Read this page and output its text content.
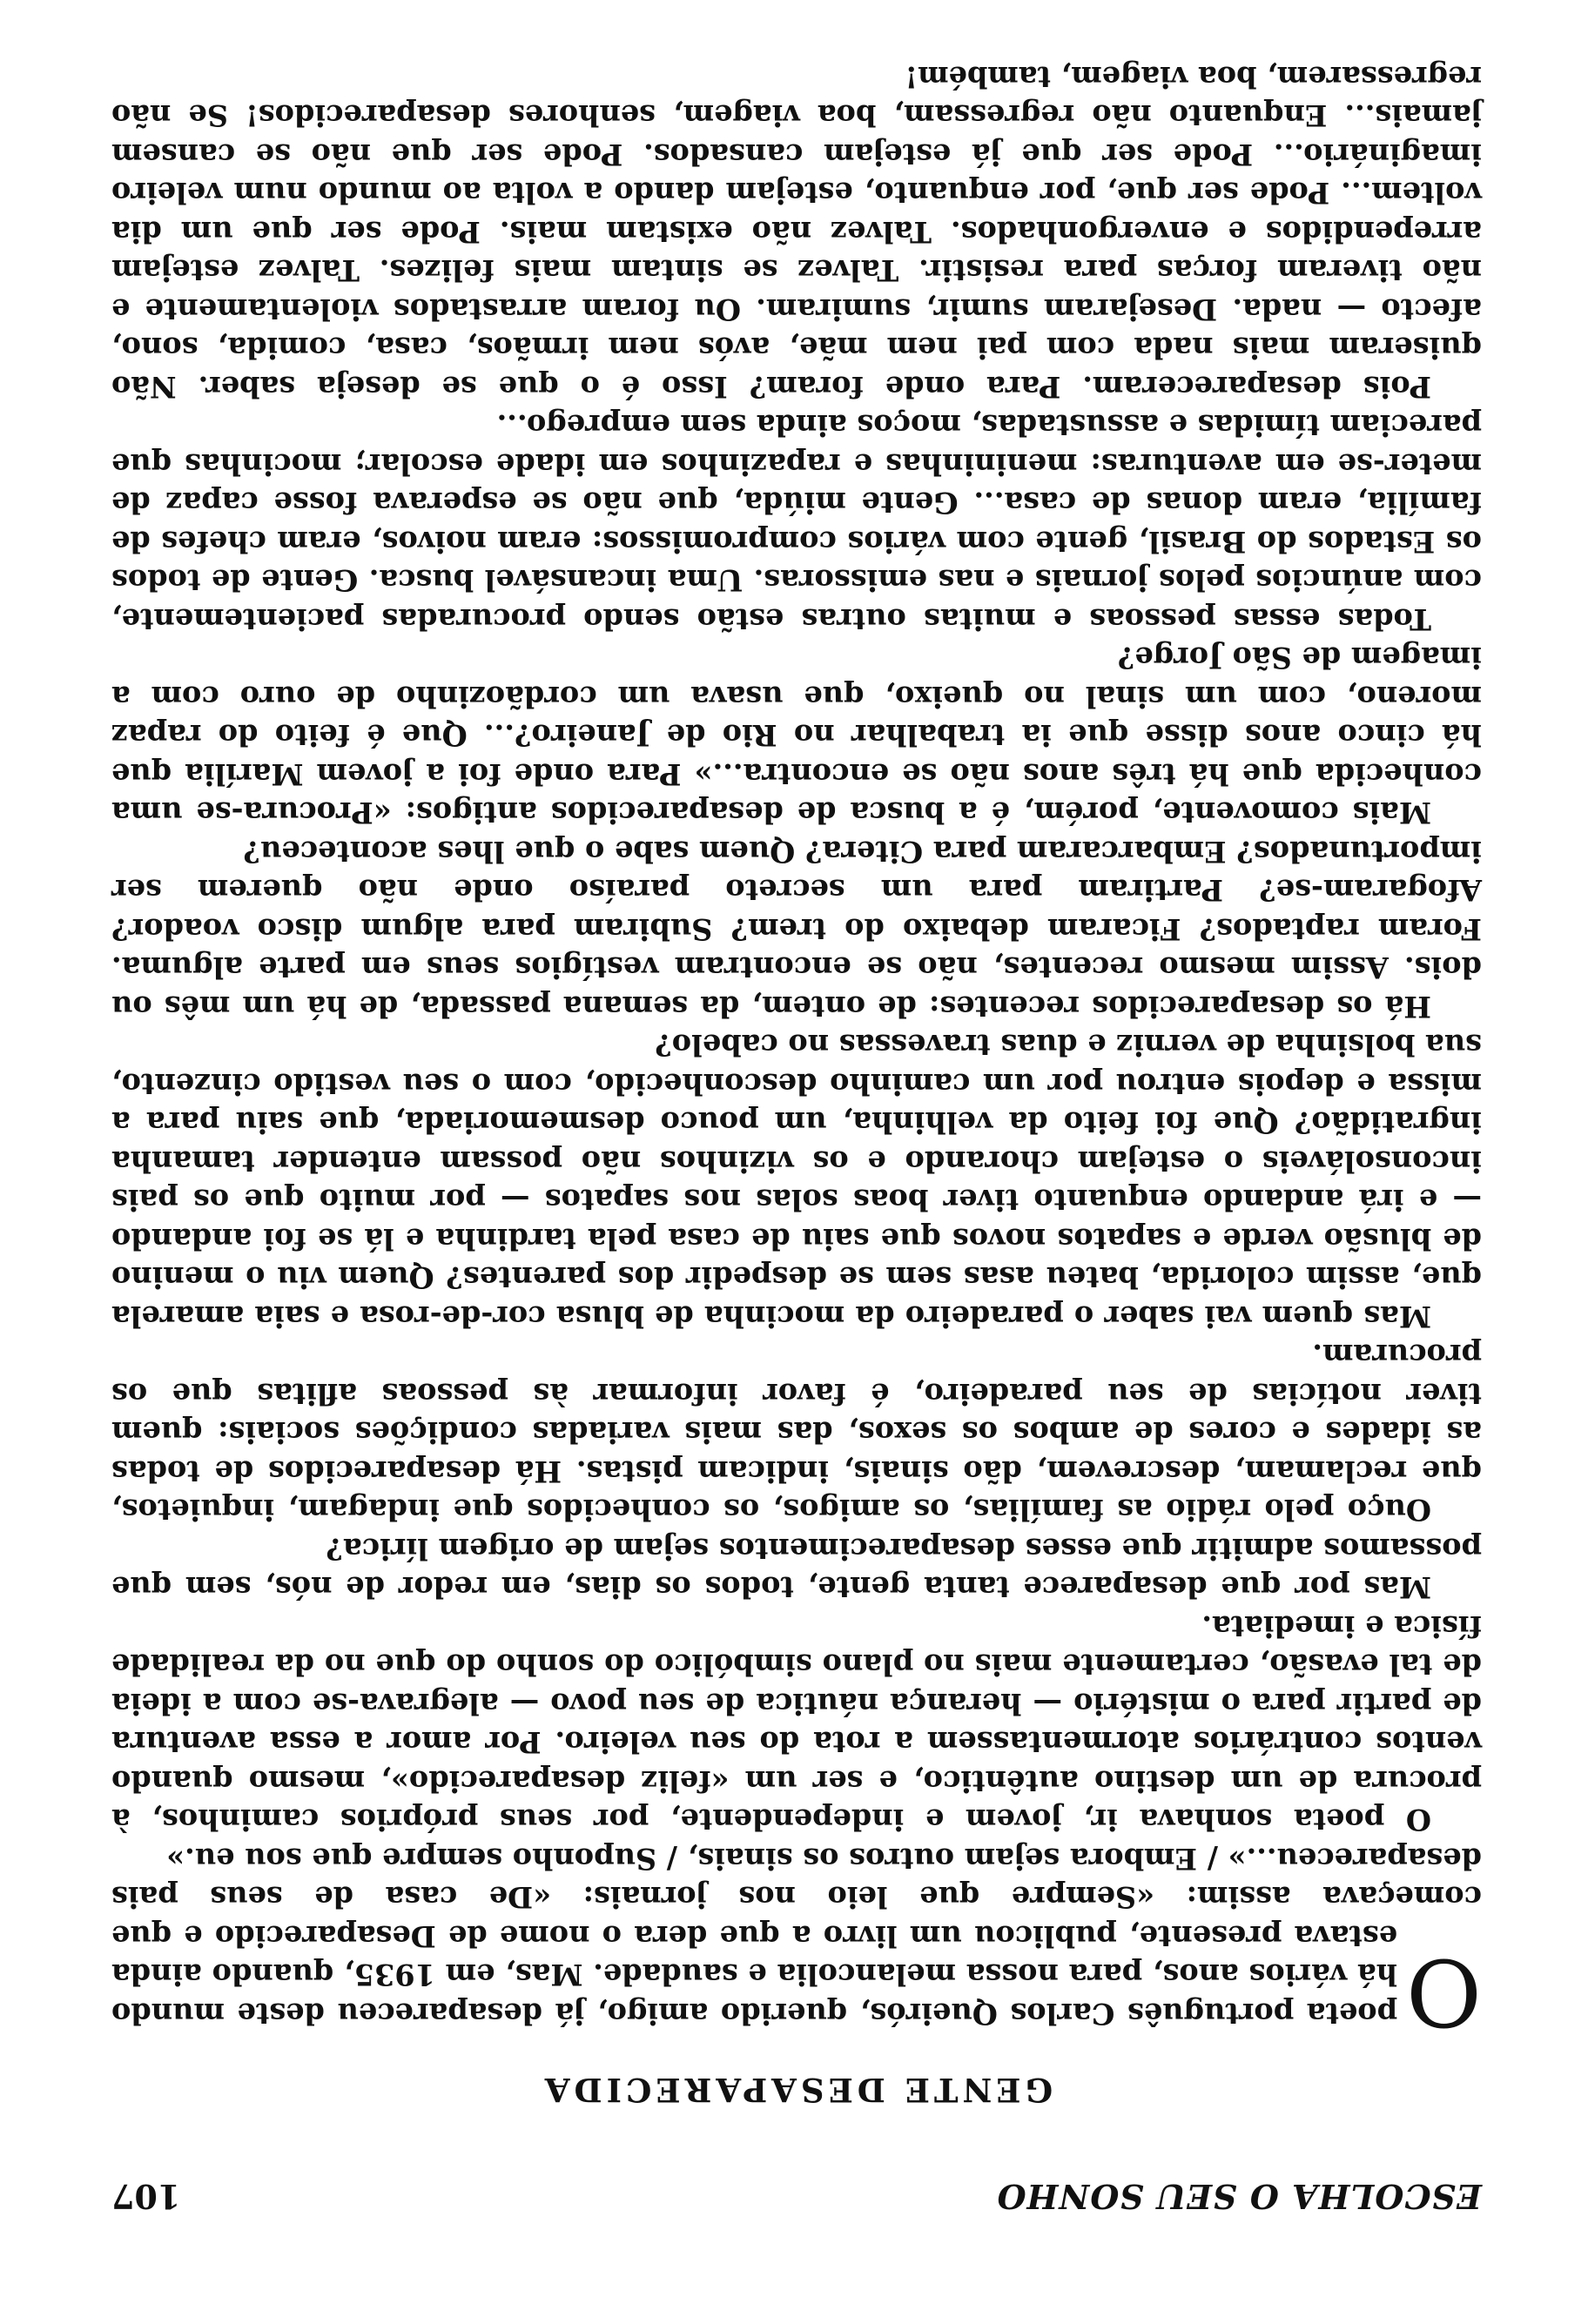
ESCOLHA O SEU SONHO
107
GENTE DESAPARECIDA

O
poeta português Carlos Queirós, querido amigo, já desapareceu deste mundo há vários anos, para nossa melancolia e saudade. Mas, em 1935, quando ainda estava presente, publicou um livro a que dera o nome de Desaparecido e que começava assim: «Sempre que leio nos jornais: «De casa de seus pais desapareceu...» / Embora sejam outros os sinais, / Suponho sempre que sou eu.»

O poeta sonhava ir, jovem e independente, por seus próprios caminhos, à procura de um destino autêntico, e ser um «feliz desaparecido», mesmo quando ventos contrários atormentassem a rota do seu veleiro. Por amor a essa aventura de partir para o mistério — herança náutica de seu povo — alegrava-se com a ideia de tal evasão, certamente mais no plano simbólico do sonho do que no da realidade física e imediata.

Mas por que desaparece tanta gente, todos os dias, em redor de nós, sem que possamos admitir que esses desaparecimentos sejam de origem lírica?

Ouço pelo rádio as famílias, os amigos, os conhecidos que indagam, inquietos, que reclamam, descrevem, dão sinais, indicam pistas. Há desaparecidos de todas as idades e cores de ambos os sexos, das mais variadas condições sociais: quem tiver notícias de seu paradeiro, é favor informar às pessoas aflitas que os procuram.

Mas quem vai saber o paradeiro da mocinha de blusa cor-de-rosa e saia amarela que, assim colorida, bateu asas sem se despedir dos parentes? Quem viu o menino de blusão verde e sapatos novos que saiu de casa pela tardinha e lá se foi andando — e irá andando enquanto tiver boas solas nos sapatos — por muito que os pais inconsoláveis o estejam chorando e os vizinhos não possam entender tamanha ingratidão? Que foi feito da velhinha, um pouco desmemoriada, que saiu para a missa e depois entrou por um caminho desconhecido, com o seu vestido cinzento, sua bolsinha de verniz e duas travessas no cabelo?

Há os desaparecidos recentes: de ontem, da semana passada, de há um mês ou dois. Assim mesmo recentes, não se encontram vestígios seus em parte alguma. Foram raptados? Ficaram debaixo do trem? Subiram para algum disco voador? Afogaram-se? Partiram para um secreto paraíso onde não querem ser importunados? Embarcaram para Citera? Quem sabe o que lhes aconteceu?

Mais comovente, porém, é a busca de desaparecidos antigos: «Procura-se uma conhecida que há três anos não se encontra...» Para onde foi a jovem Marília que há cinco anos disse que ia trabalhar no Rio de Janeiro?... Que é feito do rapaz moreno, com um sinal no queixo, que usava um cordãozinho de ouro com a imagem de São Jorge?

Todas essas pessoas e muitas outras estão sendo procuradas pacientemente, com anúncios pelos jornais e nas emissoras. Uma incansável busca. Gente de todos os Estados do Brasil, gente com vários compromissos: eram noivos, eram chefes de família, eram donas de casa... Gente miúda, que não se esperava fosse capaz de meter-se em aventuras: menininhas e rapazinhos em idade escolar; mocinhas que pareciam tímidas e assustadas, moços ainda sem emprego...

Pois desapareceram. Para onde foram? Isso é o que se deseja saber. Não quiseram mais nada com pai nem mãe, avós nem irmãos, casa, comida, sono, afecto — nada. Desejaram sumir, sumiram. Ou foram arrastados violentamente e não tiveram forças para resistir. Talvez se sintam mais felizes. Talvez estejam arrependidos e envergonhados. Talvez não existam mais. Pode ser que um dia voltem... Pode ser que, por enquanto, estejam dando a volta ao mundo num veleiro imaginário... Pode ser que já estejam cansados. Pode ser que não se cansem jamais... Enquanto não regressam, boa viagem, senhores desaparecidos! Se não regressarem, boa viagem, também!
